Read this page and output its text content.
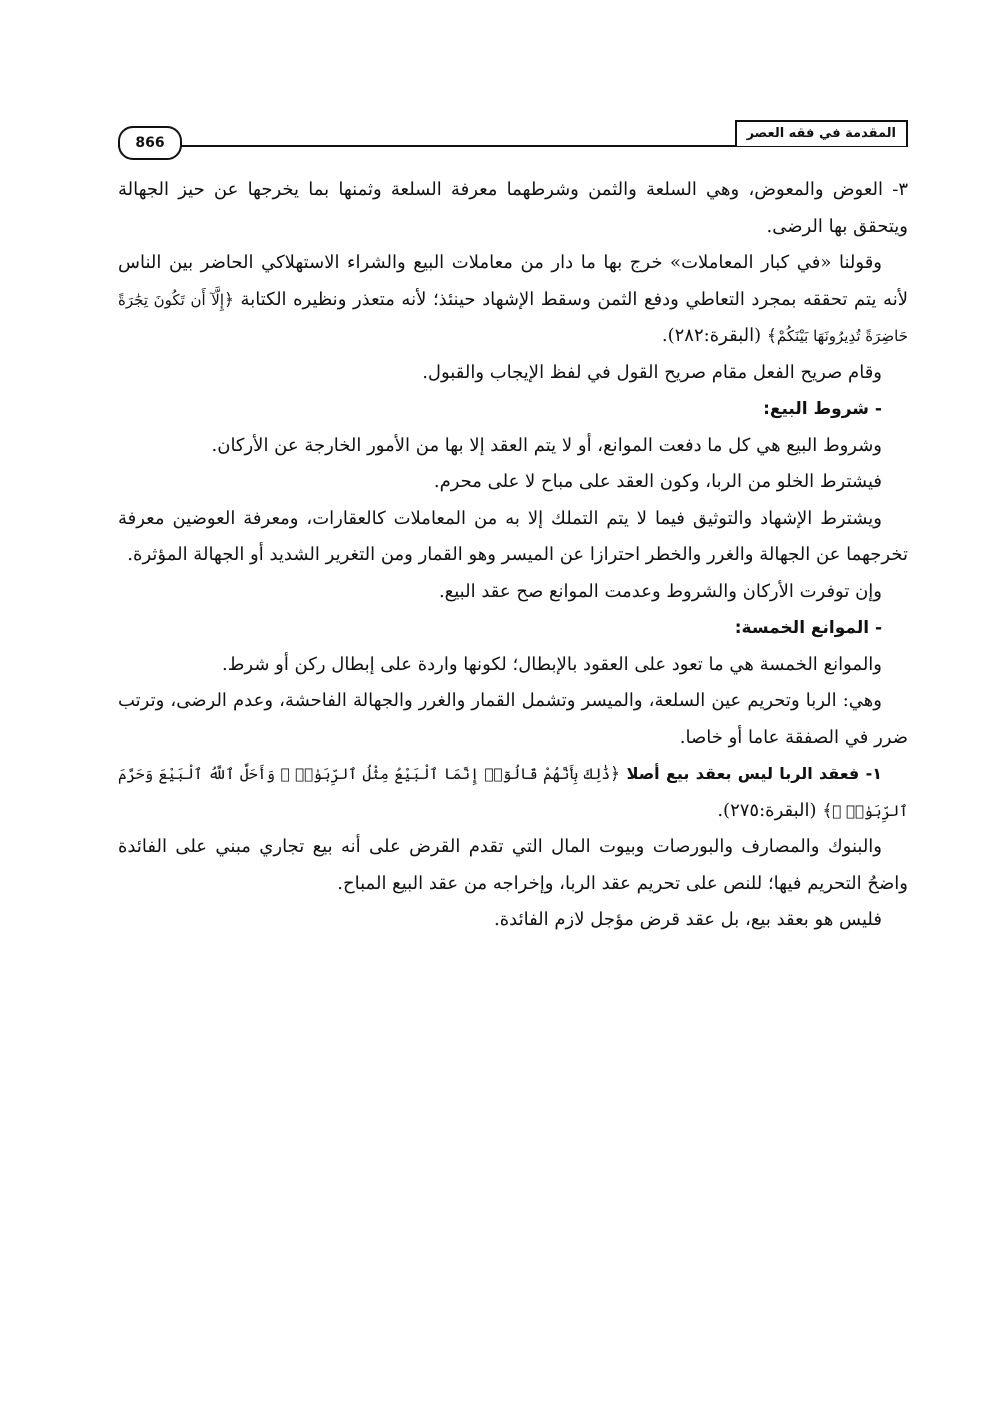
المقدمة في فقه العصر
866

٣- العوض والمعوض، وهي السلعة والثمن وشرطهما معرفة السلعة وثمنها بما يخرجها عن حيز الجهالة ويتحقق بها الرضى.

وقولنا «في كبار المعاملات» خرج بها ما دار من معاملات البيع والشراء الاستهلاكي الحاضر بين الناس لأنه يتم تحققه بمجرد التعاطي ودفع الثمن وسقط الإشهاد حينئذ؛ لأنه متعذر ونظيره الكتابة ﴿إِلَّآ أَن تَكُونَ تِجَٰرَةً حَاضِرَةً تُدِيرُونَهَا بَيْنَكُمْ﴾ (البقرة:٢٨٢).

وقام صريح الفعل مقام صريح القول في لفظ الإيجاب والقبول.

- شروط البيع:

وشروط البيع هي كل ما دفعت الموانع، أو لا يتم العقد إلا بها من الأمور الخارجة عن الأركان.

فيشترط الخلو من الربا، وكون العقد على مباح لا على محرم.

ويشترط الإشهاد والتوثيق فيما لا يتم التملك إلا به من المعاملات كالعقارات، ومعرفة العوضين معرفة تخرجهما عن الجهالة والغرر والخطر احترازا عن الميسر وهو القمار ومن التغرير الشديد أو الجهالة المؤثرة.

وإن توفرت الأركان والشروط وعدمت الموانع صح عقد البيع.

- الموانع الخمسة:

والموانع الخمسة هي ما تعود على العقود بالإبطال؛ لكونها واردة على إبطال ركن أو شرط.

وهي: الربا وتحريم عين السلعة، والميسر وتشمل القمار والغرر والجهالة الفاحشة، وعدم الرضى، وترتب ضرر في الصفقة عاما أو خاصا.

١- فعقد الربا ليس بعقد بيع أصلا ﴿ذَٰلِكَ بِأَنَّهُمْ قَالُوٓا۟ إِنَّمَا ٱلْبَيْعُ مِثْلُ ٱلرِّبَوٰا۟ ۗ وَأَحَلَّ ٱللَّهُ ٱلْبَيْعَ وَحَرَّمَ ٱلرِّبَوٰا۟ ۚ﴾ (البقرة:٢٧٥).

والبنوك والمصارف والبورصات وبيوت المال التي تقدم القرض على أنه بيع تجاري مبني على الفائدة واضحُ التحريم فيها؛ للنص على تحريم عقد الربا، وإخراجه من عقد البيع المباح.

فليس هو بعقد بيع، بل عقد قرض مؤجل لازم الفائدة.
